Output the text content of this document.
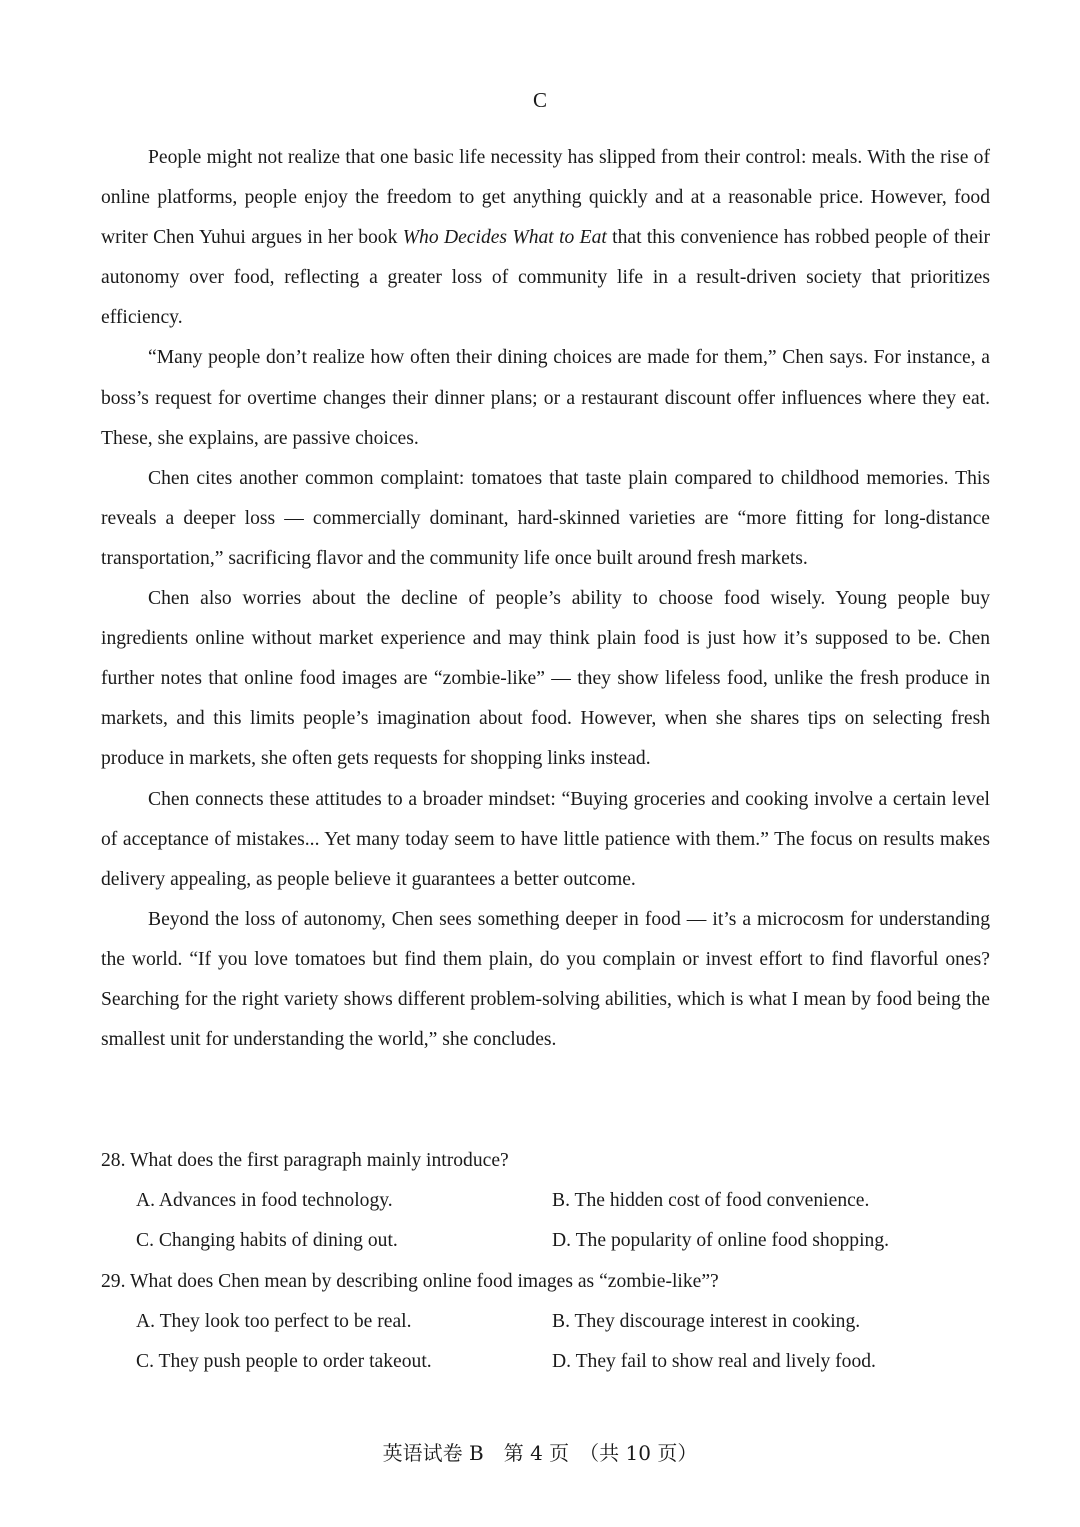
C

People might not realize that one basic life necessity has slipped from their control: meals. With the rise of online platforms, people enjoy the freedom to get anything quickly and at a reasonable price. However, food writer Chen Yuhui argues in her book Who Decides What to Eat that this convenience has robbed people of their autonomy over food, reflecting a greater loss of community life in a result-driven society that prioritizes efficiency.

“Many people don’t realize how often their dining choices are made for them,” Chen says. For instance, a boss’s request for overtime changes their dinner plans; or a restaurant discount offer influences where they eat. These, she explains, are passive choices.

Chen cites another common complaint: tomatoes that taste plain compared to childhood memories. This reveals a deeper loss — commercially dominant, hard-skinned varieties are “more fitting for long-distance transportation,” sacrificing flavor and the community life once built around fresh markets.

Chen also worries about the decline of people’s ability to choose food wisely. Young people buy ingredients online without market experience and may think plain food is just how it’s supposed to be. Chen further notes that online food images are “zombie-like” — they show lifeless food, unlike the fresh produce in markets, and this limits people’s imagination about food. However, when she shares tips on selecting fresh produce in markets, she often gets requests for shopping links instead.

Chen connects these attitudes to a broader mindset: “Buying groceries and cooking involve a certain level of acceptance of mistakes... Yet many today seem to have little patience with them.” The focus on results makes delivery appealing, as people believe it guarantees a better outcome.

Beyond the loss of autonomy, Chen sees something deeper in food — it’s a microcosm for understanding the world. “If you love tomatoes but find them plain, do you complain or invest effort to find flavorful ones? Searching for the right variety shows different problem-solving abilities, which is what I mean by food being the smallest unit for understanding the world,” she concludes.

28. What does the first paragraph mainly introduce?

A. Advances in food technology.	B. The hidden cost of food convenience.
C. Changing habits of dining out.	D. The popularity of online food shopping.

29. What does Chen mean by describing online food images as “zombie-like”?

A. They look too perfect to be real.	B. They discourage interest in cooking.
C. They push people to order takeout.	D. They fail to show real and lively food.
英语试卷 B　第 4 页　（共 10 页）
